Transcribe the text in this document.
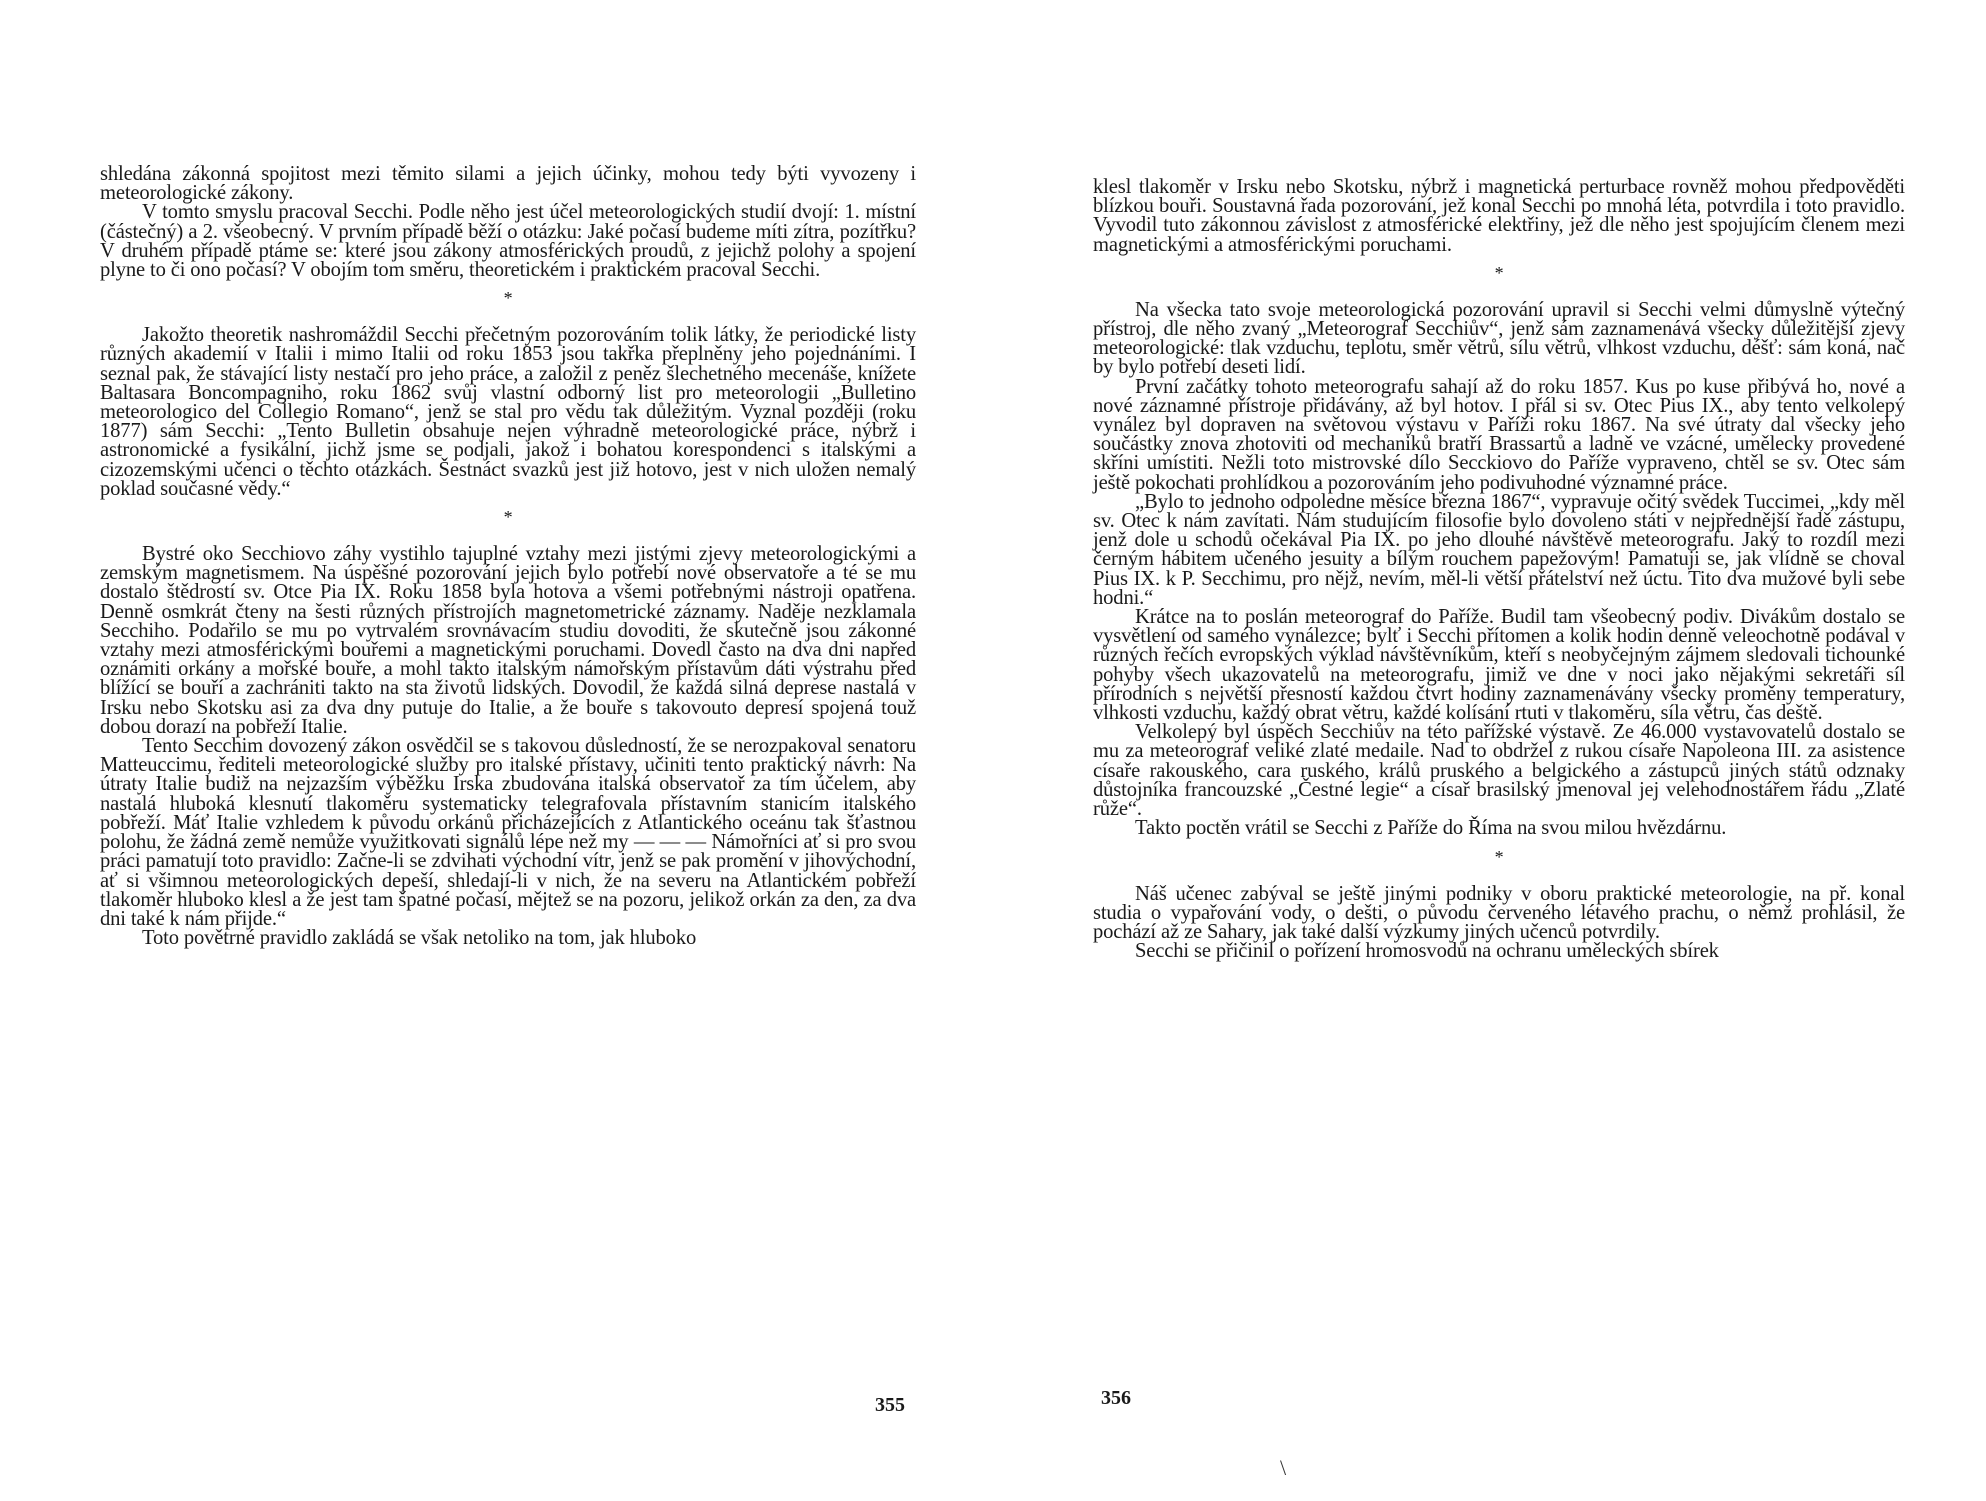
shledána zákonná spojitost mezi těmito silami a jejich účinky, mohou tedy býti vyvozeny i meteorologické zákony.

V tomto smyslu pracoval Secchi. Podle něho jest účel meteorologických studií dvojí: 1. místní (částečný) a 2. všeobecný. V prvním případě běží o otázku: Jaké počasí budeme míti zítra, pozítřku? V druhém případě ptáme se: které jsou zákony atmosférických proudů, z jejichž polohy a spojení plyne to či ono počasí? V obojím tom směru, theoretickém i praktickém pracoval Secchi.

*

Jakožto theoretik nashromáždil Secchi přečetným pozorováním tolik látky, že periodické listy různých akademií v Italii i mimo Italii od roku 1853 jsou takřka přeplněny jeho pojednáními. I seznal pak, že stávající listy nestačí pro jeho práce, a založil z peněz šlechetného mecenáše, knížete Baltasara Boncompagniho, roku 1862 svůj vlastní odborný list pro meteorologii „Bulletino meteorologico del Collegio Romano“, jenž se stal pro vědu tak důležitým. Vyznal později (roku 1877) sám Secchi: „Tento Bulletin obsahuje nejen výhradně meteorologické práce, nýbrž i astronomické a fysikální, jichž jsme se podjali, jakož i bohatou korespondenci s italskými a cizozemskými učenci o těchto otázkách. Šestnáct svazků jest již hotovo, jest v nich uložen nemalý poklad současné vědy.“

*

Bystré oko Secchiovo záhy vystihlo tajuplné vztahy mezi jistými zjevy meteorologickými a zemským magnetismem. Na úspěšné pozorování jejich bylo potřebí nové observatoře a té se mu dostalo štědrostí sv. Otce Pia IX. Roku 1858 byla hotova a všemi potřebnými nástroji opatřena. Denně osmkrát čteny na šesti různých přístrojích magnetometrické záznamy. Naděje nezklamala Secchiho. Podařilo se mu po vytrvalém srovnávacím studiu dovoditi, že skutečně jsou zákonné vztahy mezi atmosférickými bouřemi a magnetickými poruchami. Dovedl často na dva dni napřed oznámiti orkány a mořské bouře, a mohl takto italským námořským přístavům dáti výstrahu před blížící se bouří a zachrániti takto na sta životů lidských. Dovodil, že každá silná deprese nastalá v Irsku nebo Skotsku asi za dva dny putuje do Italie, a že bouře s takovouto depresí spojená touž dobou dorazí na pobřeží Italie.

Tento Secchim dovozený zákon osvědčil se s takovou důsledností, že se nerozpakoval senatoru Matteuccimu, řediteli meteorologické služby pro italské přístavy, učiniti tento praktický návrh: Na útraty Italie budiž na nejzazším výběžku Irska zbudována italská observatoř za tím účelem, aby nastalá hluboká klesnutí tlakoměru systematicky telegrafovala přístavním stanicím italského pobřeží. Máť Italie vzhledem k původu orkánů přicházejících z Atlantického oceánu tak šťastnou polohu, že žádná země nemůže využitkovati signálů lépe než my — — — Námořníci ať si pro svou práci pamatují toto pravidlo: Začne-li se zdvihati východní vítr, jenž se pak promění v jihovýchodní, ať si všimnou meteorologických depeší, shledají-li v nich, že na severu na Atlantickém pobřeží tlakoměr hluboko klesl a že jest tam špatné počasí, mějtež se na pozoru, jelikož orkán za den, za dva dni také k nám přijde.“

Toto povětrné pravidlo zakládá se však netoliko na tom, jak hluboko

355

klesl tlakoměr v Irsku nebo Skotsku, nýbrž i magnetická perturbace rovněž mohou předpověděti blízkou bouři. Soustavná řada pozorování, jež konal Secchi po mnohá léta, potvrdila i toto pravidlo. Vyvodil tuto zákonnou závislost z atmosférické elektřiny, jež dle něho jest spojujícím členem mezi magnetickými a atmosférickými poruchami.

*

Na všecka tato svoje meteorologická pozorování upravil si Secchi velmi důmyslně výtečný přístroj, dle něho zvaný „Meteorograf Secchiův“, jenž sám zaznamenává všecky důležitější zjevy meteorologické: tlak vzduchu, teplotu, směr větrů, sílu větrů, vlhkost vzduchu, déšť: sám koná, nač by bylo potřebí deseti lidí.

První začátky tohoto meteorografu sahají až do roku 1857. Kus po kuse přibývá ho, nové a nové záznamné přístroje přidávány, až byl hotov. I přál si sv. Otec Pius IX., aby tento velkolepý vynález byl dopraven na světovou výstavu v Paříži roku 1867. Na své útraty dal všecky jeho součástky znova zhotoviti od mechaniků bratří Brassartů a ladně ve vzácné, umělecky provedené skříni umístiti. Nežli toto mistrovské dílo Secckiovo do Paříže vypraveno, chtěl se sv. Otec sám ještě pokochati prohlídkou a pozorováním jeho podivuhodné významné práce.

„Bylo to jednoho odpoledne měsíce března 1867“, vypravuje očitý svědek Tuccimei, „kdy měl sv. Otec k nám zavítati. Nám studujícím filosofie bylo dovoleno státi v nejpřednější řadě zástupu, jenž dole u schodů očekával Pia IX. po jeho dlouhé návštěvě meteorografu. Jaký to rozdíl mezi černým hábitem učeného jesuity a bílým rouchem papežovým! Pamatuji se, jak vlídně se choval Pius IX. k P. Secchimu, pro nějž, nevím, měl-li větší přátelství než úctu. Tito dva mužové byli sebe hodni.“

Krátce na to poslán meteorograf do Paříže. Budil tam všeobecný podiv. Divákům dostalo se vysvětlení od samého vynálezce; bylť i Secchi přítomen a kolik hodin denně veleochotně podával v různých řečích evropských výklad návštěvníkům, kteří s neobyčejným zájmem sledovali tichounké pohyby všech ukazovatelů na meteorografu, jimiž ve dne v noci jako nějakými sekretáři síl přírodních s největší přesností každou čtvrt hodiny zaznamenávány všecky proměny temperatury, vlhkosti vzduchu, každý obrat větru, každé kolísání rtuti v tlakoměru, síla větru, čas deště.

Velkolepý byl úspěch Secchiův na této pařížské výstavě. Ze 46.000 vystavovatelů dostalo se mu za meteorograf veliké zlaté medaile. Nad to obdržel z rukou císaře Napoleona III. za asistence císaře rakouského, cara ruského, králů pruského a belgického a zástupců jiných států odznaky důstojníka francouzské „Čestné legie“ a císař brasilský jmenoval jej velehodnostářem řádu „Zlaté růže“.

Takto poctěn vrátil se Secchi z Paříže do Říma na svou milou hvězdárnu.

*

Náš učenec zabýval se ještě jinými podniky v oboru praktické meteorologie, na př. konal studia o vypařování vody, o dešti, o původu červeného létavého prachu, o němž prohlásil, že pochází až ze Sahary, jak také další výzkumy jiných učenců potvrdily.

Secchi se přičinil o pořízení hromosvodů na ochranu uměleckých sbírek

356
\
